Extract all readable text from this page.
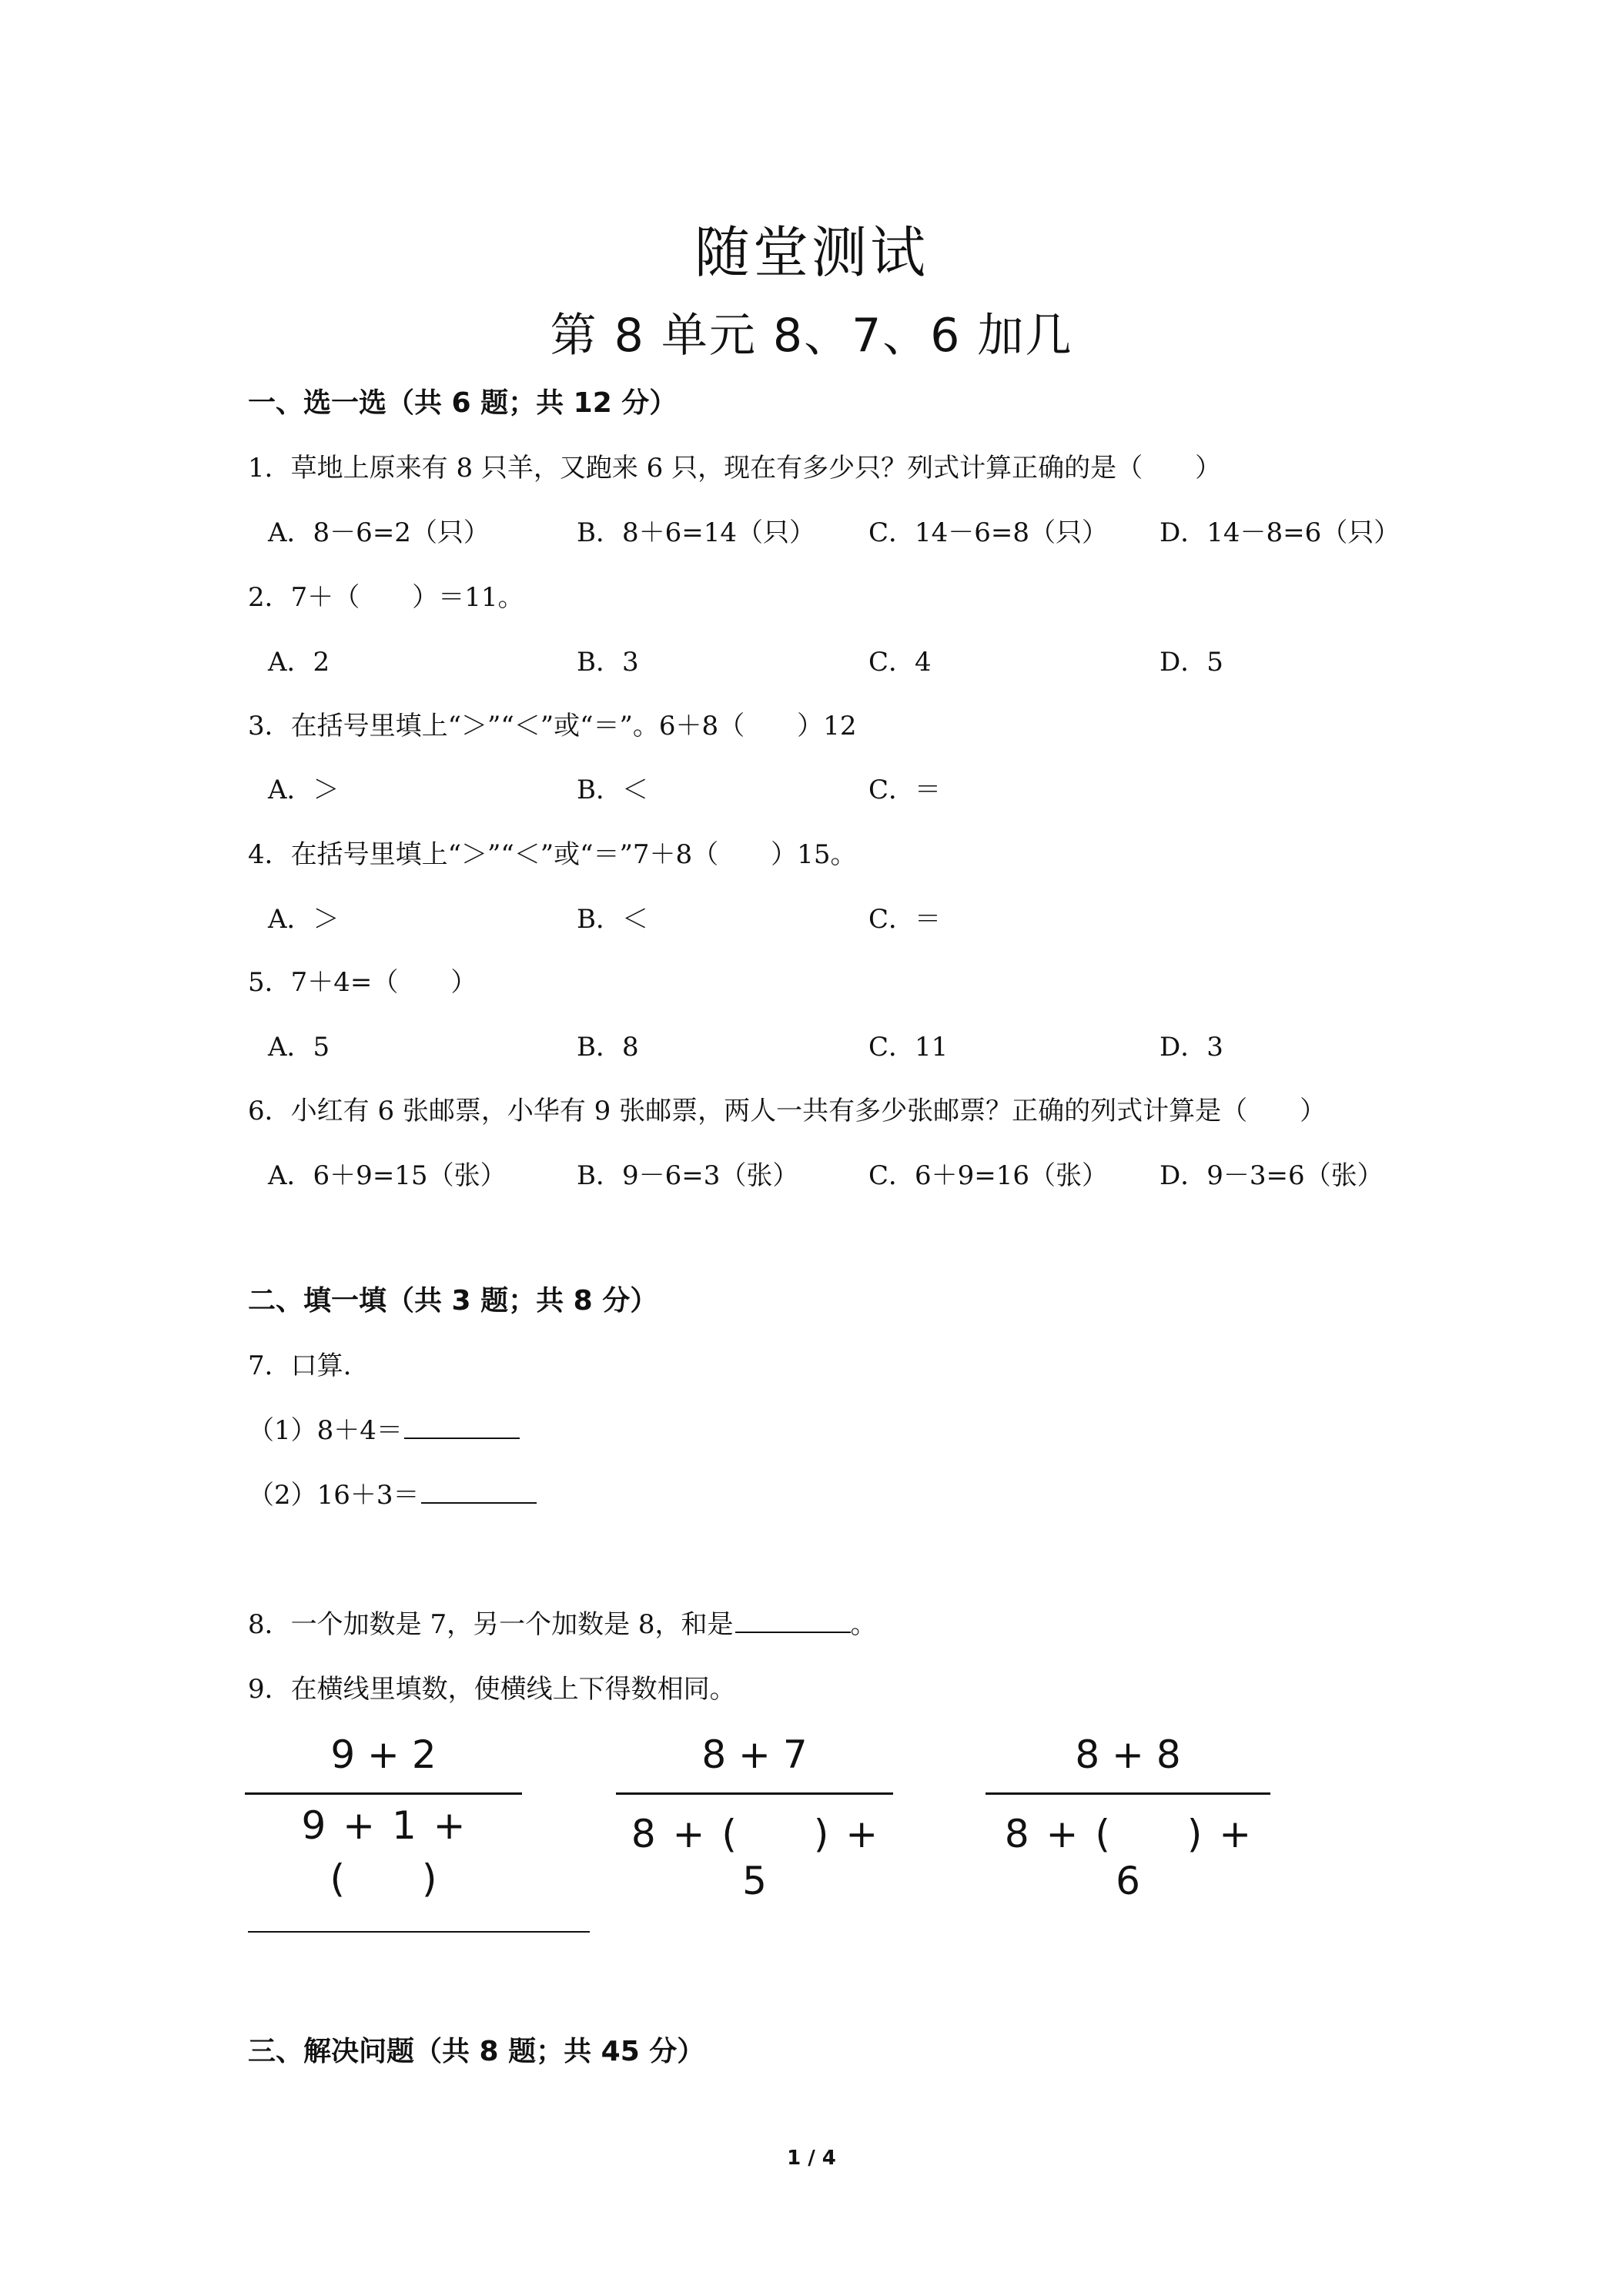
随堂测试
第 8 单元 8、7、6 加几
一、选一选（共 6 题；共 12 分）
1．草地上原来有 8 只羊，又跑来 6 只，现在有多少只？列式计算正确的是（　　）
A．8－6=2（只）	B．8＋6=14（只） C．14－6=8（只） D．14－8=6（只）
2．7＋（　　）＝11。
A．2	B．3	C．4	D．5
3．在括号里填上“＞”“＜”或“＝”。6＋8（　　）12
A．＞	B．＜	C．＝
4．在括号里填上“＞”“＜”或“＝”7＋8（　　）15。
A．＞	B．＜	C．＝
5．7＋4=（　　）
A．5	B．8	C．11	D．3
6．小红有 6 张邮票，小华有 9 张邮票，两人一共有多少张邮票？正确的列式计算是（　　）
A．6＋9=15（张）	B．9－6=3（张）	C．6＋9=16（张） D．9－3=6（张）
二、填一填（共 3 题；共 8 分）
7．口算.
（1）8＋4＝
（2）16＋3＝
8．一个加数是 7，另一个加数是 8，和是	。
9．在横线里填数，使横线上下得数相同。
9 + 2
9 + 1 + (　　)
8 + 7
8 + (　　) + 5
8 + 8
8 + (　　) + 6
三、解决问题（共 8 题；共 45 分）
1 / 4
